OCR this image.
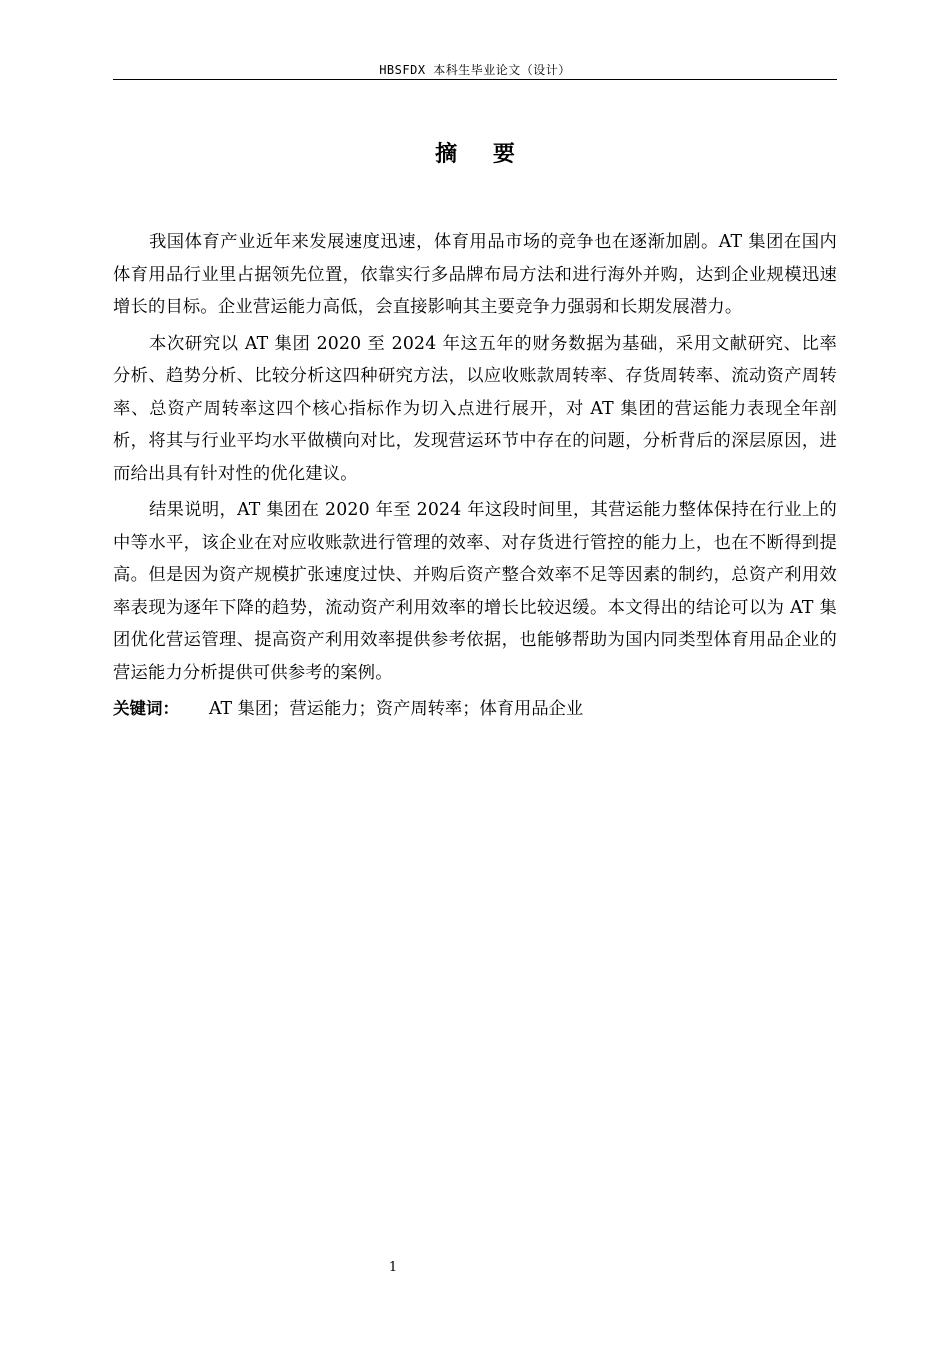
HBSFDX 本科生毕业论文（设计）
摘 要

我国体育产业近年来发展速度迅速，体育用品市场的竞争也在逐渐加剧。AT 集团在国内体育用品行业里占据领先位置，依靠实行多品牌布局方法和进行海外并购，达到企业规模迅速增长的目标。企业营运能力高低，会直接影响其主要竞争力强弱和长期发展潜力。

本次研究以 AT 集团 2020 至 2024 年这五年的财务数据为基础，采用文献研究、比率分析、趋势分析、比较分析这四种研究方法，以应收账款周转率、存货周转率、流动资产周转率、总资产周转率这四个核心指标作为切入点进行展开，对 AT 集团的营运能力表现全年剖析，将其与行业平均水平做横向对比，发现营运环节中存在的问题，分析背后的深层原因，进而给出具有针对性的优化建议。

结果说明，AT 集团在 2020 年至 2024 年这段时间里，其营运能力整体保持在行业上的中等水平，该企业在对应收账款进行管理的效率、对存货进行管控的能力上，也在不断得到提高。但是因为资产规模扩张速度过快、并购后资产整合效率不足等因素的制约，总资产利用效率表现为逐年下降的趋势，流动资产利用效率的增长比较迟缓。本文得出的结论可以为 AT 集团优化营运管理、提高资产利用效率提供参考依据，也能够帮助为国内同类型体育用品企业的营运能力分析提供可供参考的案例。

关键词： AT 集团；营运能力；资产周转率；体育用品企业
1
